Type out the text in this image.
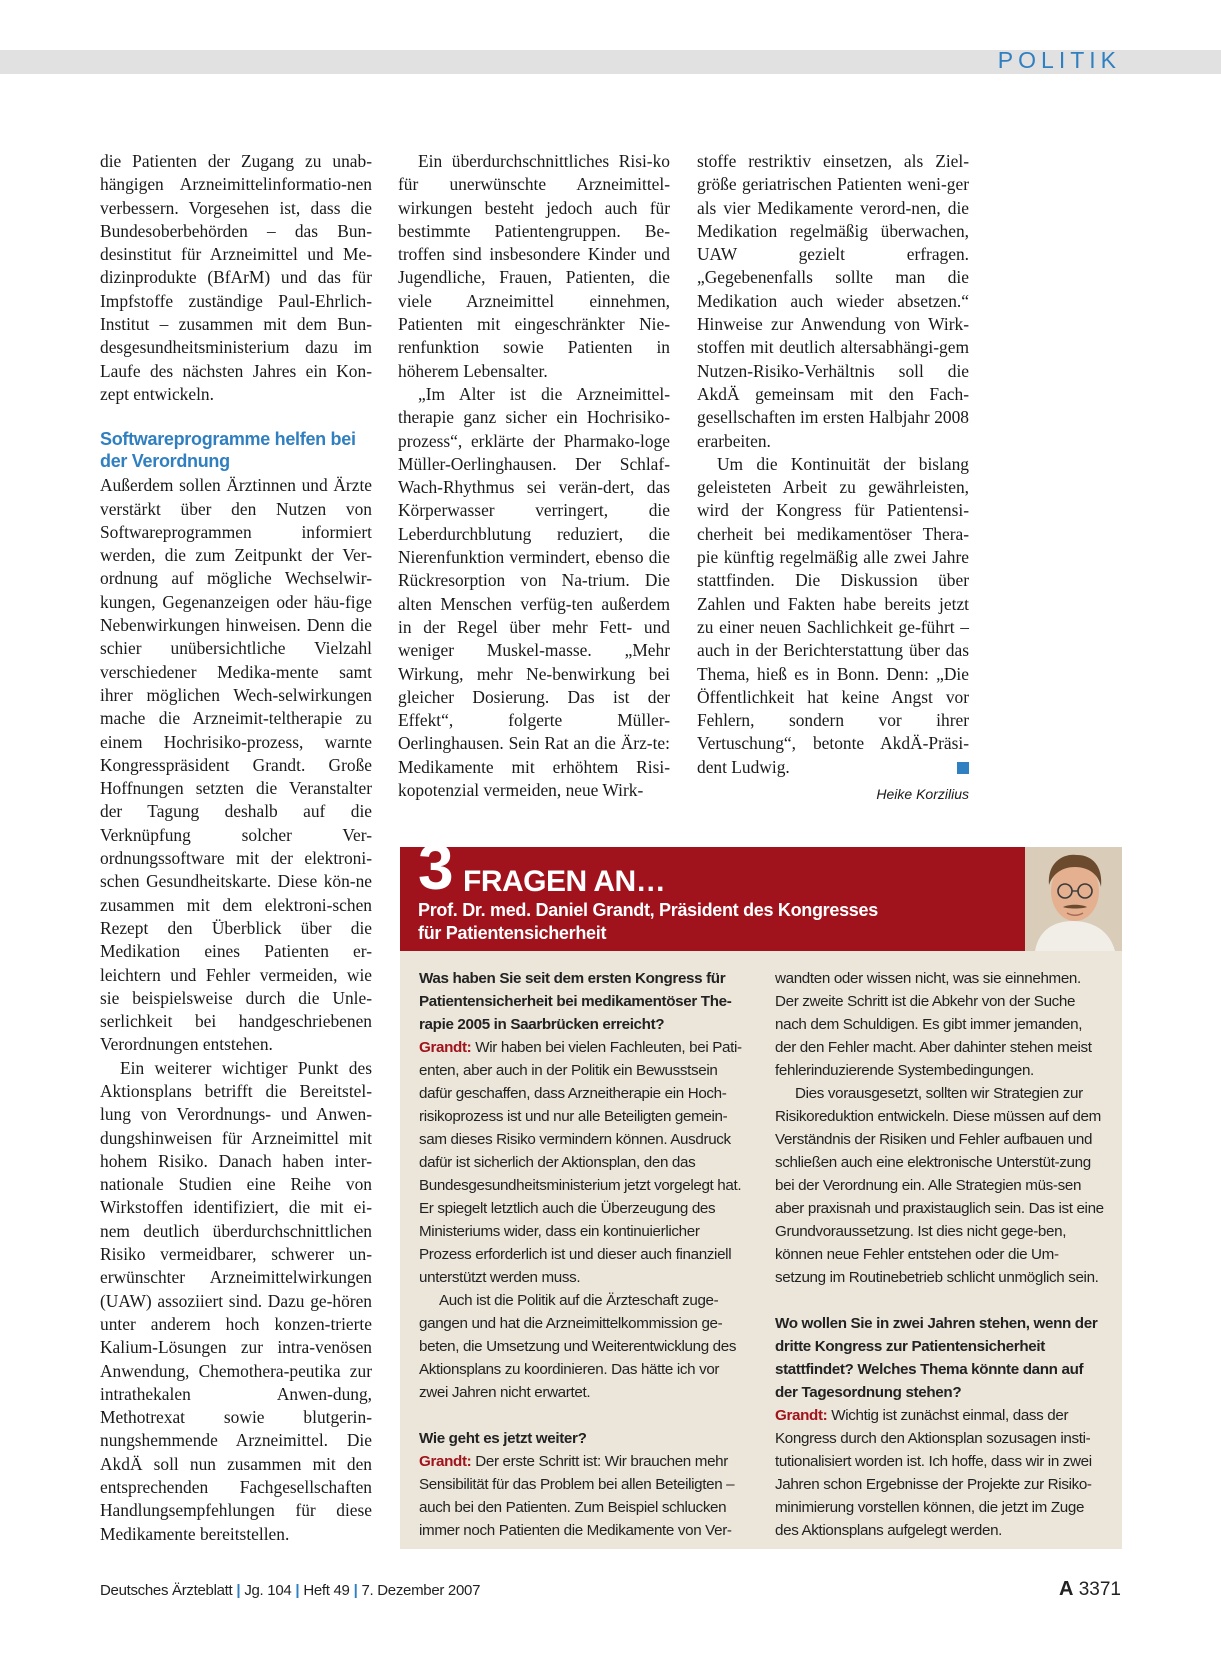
POLITIK

die Patienten der Zugang zu unab-hängigen Arzneimittelinformatio-nen verbessern. Vorgesehen ist, dass die Bundesoberbehörden – das Bun-desinstitut für Arzneimittel und Me-dizinprodukte (BfArM) und das für Impfstoffe zuständige Paul-Ehrlich-Institut – zusammen mit dem Bun-desgesundheitsministerium dazu im Laufe des nächsten Jahres ein Kon-zept entwickeln.

Softwareprogramme helfen bei der Verordnung

Außerdem sollen Ärztinnen und Ärzte verstärkt über den Nutzen von Softwareprogrammen informiert werden, die zum Zeitpunkt der Ver-ordnung auf mögliche Wechselwir-kungen, Gegenanzeigen oder häu-fige Nebenwirkungen hinweisen. Denn die schier unübersichtliche Vielzahl verschiedener Medika-mente samt ihrer möglichen Wech-selwirkungen mache die Arzneimit-teltherapie zu einem Hochrisiko-prozess, warnte Kongresspräsident Grandt. Große Hoffnungen setzten die Veranstalter der Tagung deshalb auf die Verknüpfung solcher Ver-ordnungssoftware mit der elektroni-schen Gesundheitskarte. Diese kön-ne zusammen mit dem elektroni-schen Rezept den Überblick über die Medikation eines Patienten er-leichtern und Fehler vermeiden, wie sie beispielsweise durch die Unle-serlichkeit bei handgeschriebenen Verordnungen entstehen.

Ein weiterer wichtiger Punkt des Aktionsplans betrifft die Bereitstel-lung von Verordnungs- und Anwen-dungshinweisen für Arzneimittel mit hohem Risiko. Danach haben inter-nationale Studien eine Reihe von Wirkstoffen identifiziert, die mit ei-nem deutlich überdurchschnittlichen Risiko vermeidbarer, schwerer un-erwünschter Arzneimittelwirkungen (UAW) assoziiert sind. Dazu ge-hören unter anderem hoch konzen-trierte Kalium-Lösungen zur intra-venösen Anwendung, Chemothera-peutika zur intrathekalen Anwen-dung, Methotrexat sowie blutgerin-nungshemmende Arzneimittel. Die AkdÄ soll nun zusammen mit den entsprechenden Fachgesellschaften Handlungsempfehlungen für diese Medikamente bereitstellen.

Ein überdurchschnittliches Risi-ko für unerwünschte Arzneimittel-wirkungen besteht jedoch auch für bestimmte Patientengruppen. Be-troffen sind insbesondere Kinder und Jugendliche, Frauen, Patienten, die viele Arzneimittel einnehmen, Patienten mit eingeschränkter Nie-renfunktion sowie Patienten in höherem Lebensalter.

„Im Alter ist die Arzneimittel-therapie ganz sicher ein Hochrisiko-prozess“, erklärte der Pharmako-loge Müller-Oerlinghausen. Der Schlaf-Wach-Rhythmus sei verän-dert, das Körperwasser verringert, die Leberdurchblutung reduziert, die Nierenfunktion vermindert, ebenso die Rückresorption von Na-trium. Die alten Menschen verfüg-ten außerdem in der Regel über mehr Fett- und weniger Muskel-masse. „Mehr Wirkung, mehr Ne-benwirkung bei gleicher Dosierung. Das ist der Effekt“, folgerte Müller-Oerlinghausen. Sein Rat an die Ärz-te: Medikamente mit erhöhtem Risi-kopotenzial vermeiden, neue Wirk-

stoffe restriktiv einsetzen, als Ziel-größe geriatrischen Patienten weni-ger als vier Medikamente verord-nen, die Medikation regelmäßig überwachen, UAW gezielt erfragen. „Gegebenenfalls sollte man die Medikation auch wieder absetzen.“ Hinweise zur Anwendung von Wirk-stoffen mit deutlich altersabhängi-gem Nutzen-Risiko-Verhältnis soll die AkdÄ gemeinsam mit den Fach-gesellschaften im ersten Halbjahr 2008 erarbeiten.

Um die Kontinuität der bislang geleisteten Arbeit zu gewährleisten, wird der Kongress für Patientensi-cherheit bei medikamentöser Thera-pie künftig regelmäßig alle zwei Jahre stattfinden. Die Diskussion über Zahlen und Fakten habe bereits jetzt zu einer neuen Sachlichkeit ge-führt – auch in der Berichterstattung über das Thema, hieß es in Bonn. Denn: „Die Öffentlichkeit hat keine Angst vor Fehlern, sondern vor ihrer Vertuschung“, betonte AkdÄ-Präsi-dent Ludwig.

Heike Korzilius
3 FRAGEN AN…
Prof. Dr. med. Daniel Grandt, Präsident des Kongresses
für Patientensicherheit

Was haben Sie seit dem ersten Kongress für Patientensicherheit bei medikamentöser The-rapie 2005 in Saarbrücken erreicht?

Grandt: Wir haben bei vielen Fachleuten, bei Pati-enten, aber auch in der Politik ein Bewusstsein dafür geschaffen, dass Arzneitherapie ein Hoch-risikoprozess ist und nur alle Beteiligten gemein-sam dieses Risiko vermindern können. Ausdruck dafür ist sicherlich der Aktionsplan, den das Bundesgesundheitsministerium jetzt vorgelegt hat. Er spiegelt letztlich auch die Überzeugung des Ministeriums wider, dass ein kontinuierlicher Prozess erforderlich ist und dieser auch finanziell unterstützt werden muss.

Auch ist die Politik auf die Ärzteschaft zuge-gangen und hat die Arzneimittelkommission ge-beten, die Umsetzung und Weiterentwicklung des Aktionsplans zu koordinieren. Das hätte ich vor zwei Jahren nicht erwartet.

Wie geht es jetzt weiter?

Grandt: Der erste Schritt ist: Wir brauchen mehr Sensibilität für das Problem bei allen Beteiligten – auch bei den Patienten. Zum Beispiel schlucken immer noch Patienten die Medikamente von Ver-

wandten oder wissen nicht, was sie einnehmen. Der zweite Schritt ist die Abkehr von der Suche nach dem Schuldigen. Es gibt immer jemanden, der den Fehler macht. Aber dahinter stehen meist fehlerinduzierende Systembedingungen.

Dies vorausgesetzt, sollten wir Strategien zur Risikoreduktion entwickeln. Diese müssen auf dem Verständnis der Risiken und Fehler aufbauen und schließen auch eine elektronische Unterstüt-zung bei der Verordnung ein. Alle Strategien müs-sen aber praxisnah und praxistauglich sein. Das ist eine Grundvoraussetzung. Ist dies nicht gege-ben, können neue Fehler entstehen oder die Um-setzung im Routinebetrieb schlicht unmöglich sein.

Wo wollen Sie in zwei Jahren stehen, wenn der dritte Kongress zur Patientensicherheit stattfindet? Welches Thema könnte dann auf der Tagesordnung stehen?

Grandt: Wichtig ist zunächst einmal, dass der Kongress durch den Aktionsplan sozusagen insti-tutionalisiert worden ist. Ich hoffe, dass wir in zwei Jahren schon Ergebnisse der Projekte zur Risiko-minimierung vorstellen können, die jetzt im Zuge des Aktionsplans aufgelegt werden.

Deutsches Ärzteblatt | Jg. 104 | Heft 49 | 7. Dezember 2007	A 3371
